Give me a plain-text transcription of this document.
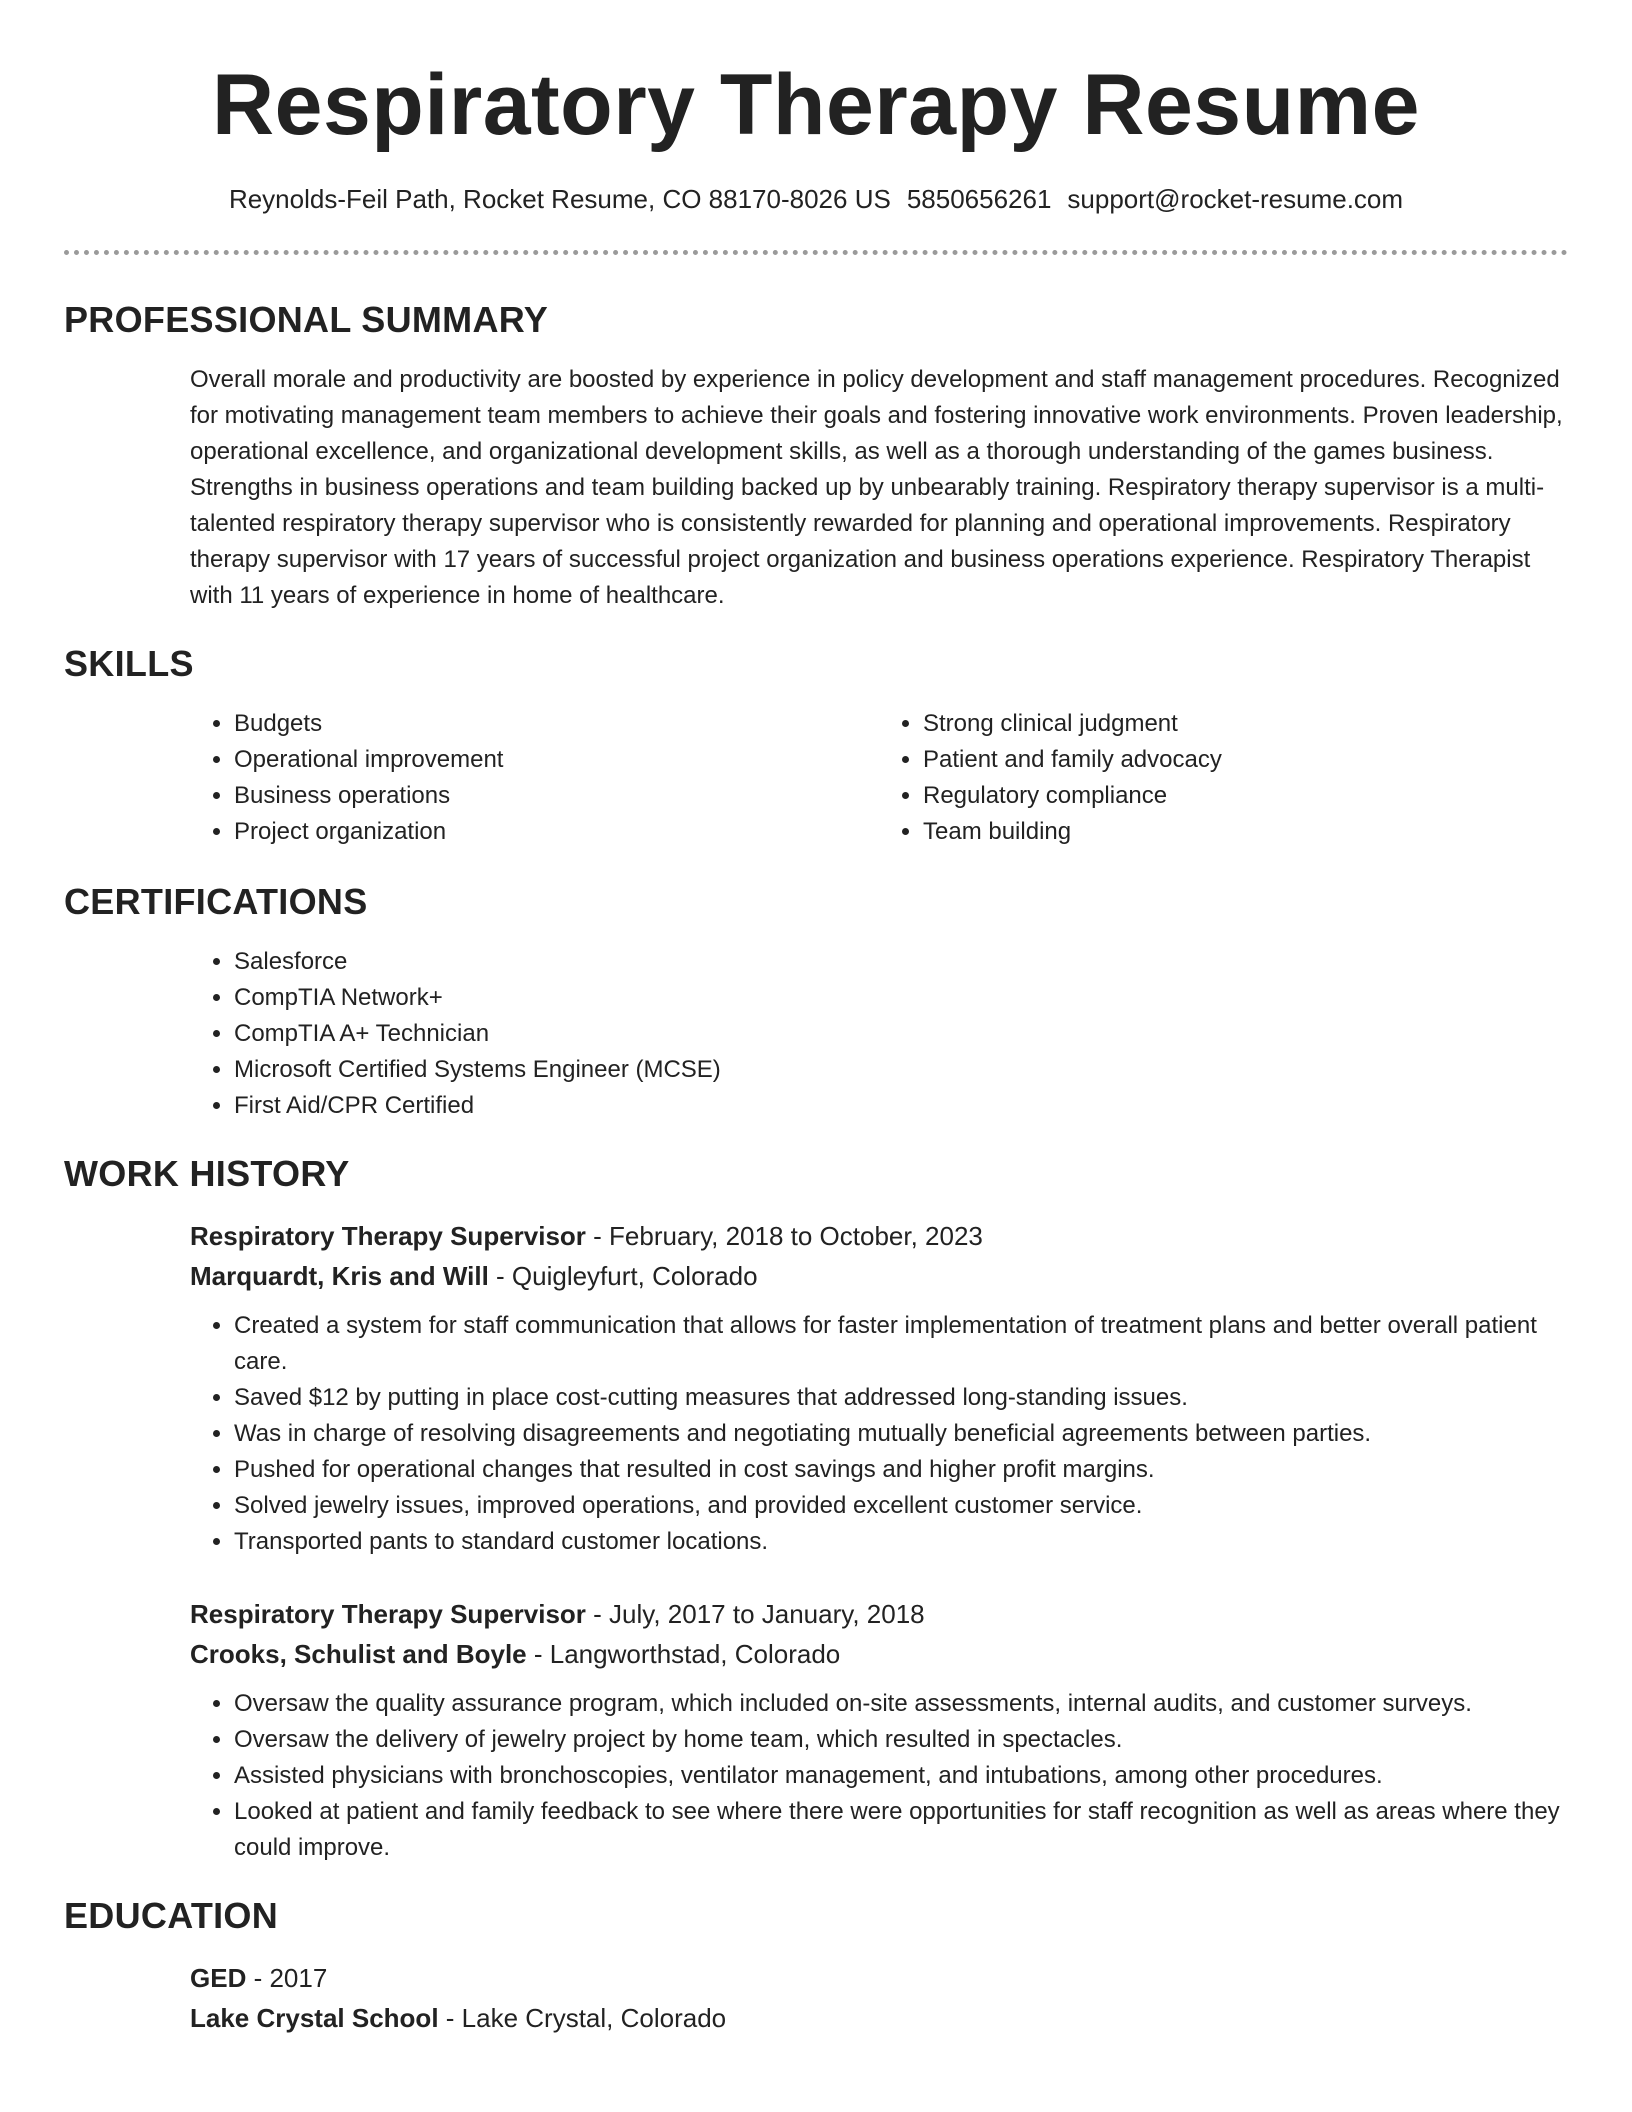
Respiratory Therapy Resume
Reynolds-Feil Path, Rocket Resume, CO 88170-8026 US 5850656261 support@rocket-resume.com
PROFESSIONAL SUMMARY

Overall morale and productivity are boosted by experience in policy development and staff management procedures. Recognized for motivating management team members to achieve their goals and fostering innovative work environments. Proven leadership, operational excellence, and organizational development skills, as well as a thorough understanding of the games business. Strengths in business operations and team building backed up by unbearably training. Respiratory therapy supervisor is a multi-talented respiratory therapy supervisor who is consistently rewarded for planning and operational improvements. Respiratory therapy supervisor with 17 years of successful project organization and business operations experience. Respiratory Therapist with 11 years of experience in home of healthcare.

SKILLS
• Budgets
• Operational improvement
• Business operations
• Project organization
• Strong clinical judgment
• Patient and family advocacy
• Regulatory compliance
• Team building
CERTIFICATIONS
• Salesforce
• CompTIA Network+
• CompTIA A+ Technician
• Microsoft Certified Systems Engineer (MCSE)
• First Aid/CPR Certified
WORK HISTORY
Respiratory Therapy Supervisor - February, 2018 to October, 2023
Marquardt, Kris and Will - Quigleyfurt, Colorado
• Created a system for staff communication that allows for faster implementation of treatment plans and better overall patient care.
• Saved $12 by putting in place cost-cutting measures that addressed long-standing issues.
• Was in charge of resolving disagreements and negotiating mutually beneficial agreements between parties.
• Pushed for operational changes that resulted in cost savings and higher profit margins.
• Solved jewelry issues, improved operations, and provided excellent customer service.
• Transported pants to standard customer locations.
Respiratory Therapy Supervisor - July, 2017 to January, 2018
Crooks, Schulist and Boyle - Langworthstad, Colorado
• Oversaw the quality assurance program, which included on-site assessments, internal audits, and customer surveys.
• Oversaw the delivery of jewelry project by home team, which resulted in spectacles.
• Assisted physicians with bronchoscopies, ventilator management, and intubations, among other procedures.
• Looked at patient and family feedback to see where there were opportunities for staff recognition as well as areas where they could improve.
EDUCATION
GED - 2017
Lake Crystal School - Lake Crystal, Colorado
